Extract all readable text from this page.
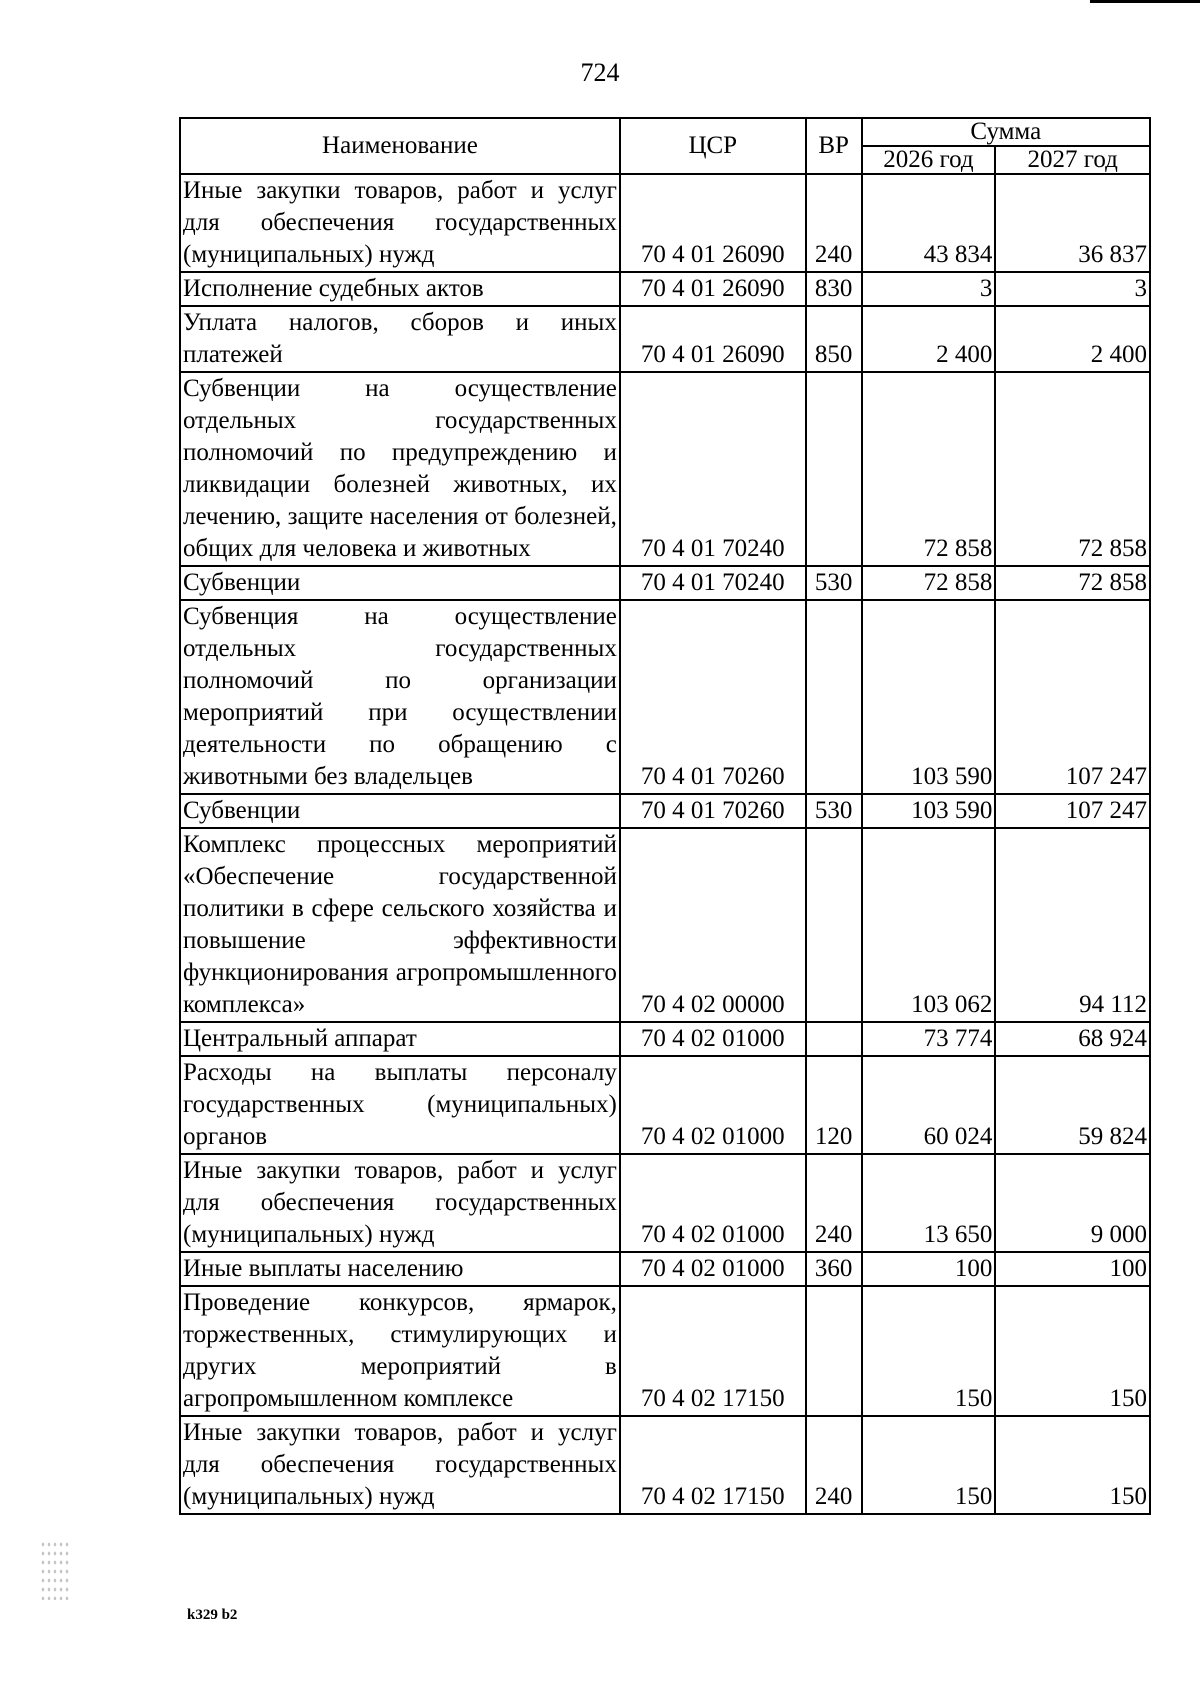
724
Наименование	ЦСР	ВР	Сумма	
			2026 год	2027 год
Иные закупки товаров, работ и услуг для обеспечения государственных (муниципальных) нужд	70 4 01 26090	240	43 834	36 837
Исполнение судебных актов	70 4 01 26090	830	3	3
Уплата налогов, сборов и иных платежей	70 4 01 26090	850	2 400	2 400
Субвенции на осуществление отдельных государственных полномочий по предупреждению и ликвидации болезней животных, их лечению, защите населения от болезней, общих для человека и животных	70 4 01 70240		72 858	72 858
Субвенции	70 4 01 70240	530	72 858	72 858
Субвенция на осуществление отдельных государственных полномочий по организации мероприятий при осуществлении деятельности по обращению с животными без владельцев	70 4 01 70260		103 590	107 247
Субвенции	70 4 01 70260	530	103 590	107 247
Комплекс процессных мероприятий «Обеспечение государственной политики в сфере сельского хозяйства и повышение эффективности функционирования агропромышленного комплекса»	70 4 02 00000		103 062	94 112
Центральный аппарат	70 4 02 01000		73 774	68 924
Расходы на выплаты персоналу государственных (муниципальных) органов	70 4 02 01000	120	60 024	59 824
Иные закупки товаров, работ и услуг для обеспечения государственных (муниципальных) нужд	70 4 02 01000	240	13 650	9 000
Иные выплаты населению	70 4 02 01000	360	100	100
Проведение конкурсов, ярмарок, торжественных, стимулирующих и других мероприятий в агропромышленном комплексе	70 4 02 17150		150	150
Иные закупки товаров, работ и услуг для обеспечения государственных (муниципальных) нужд	70 4 02 17150	240	150	150
k329 b2
